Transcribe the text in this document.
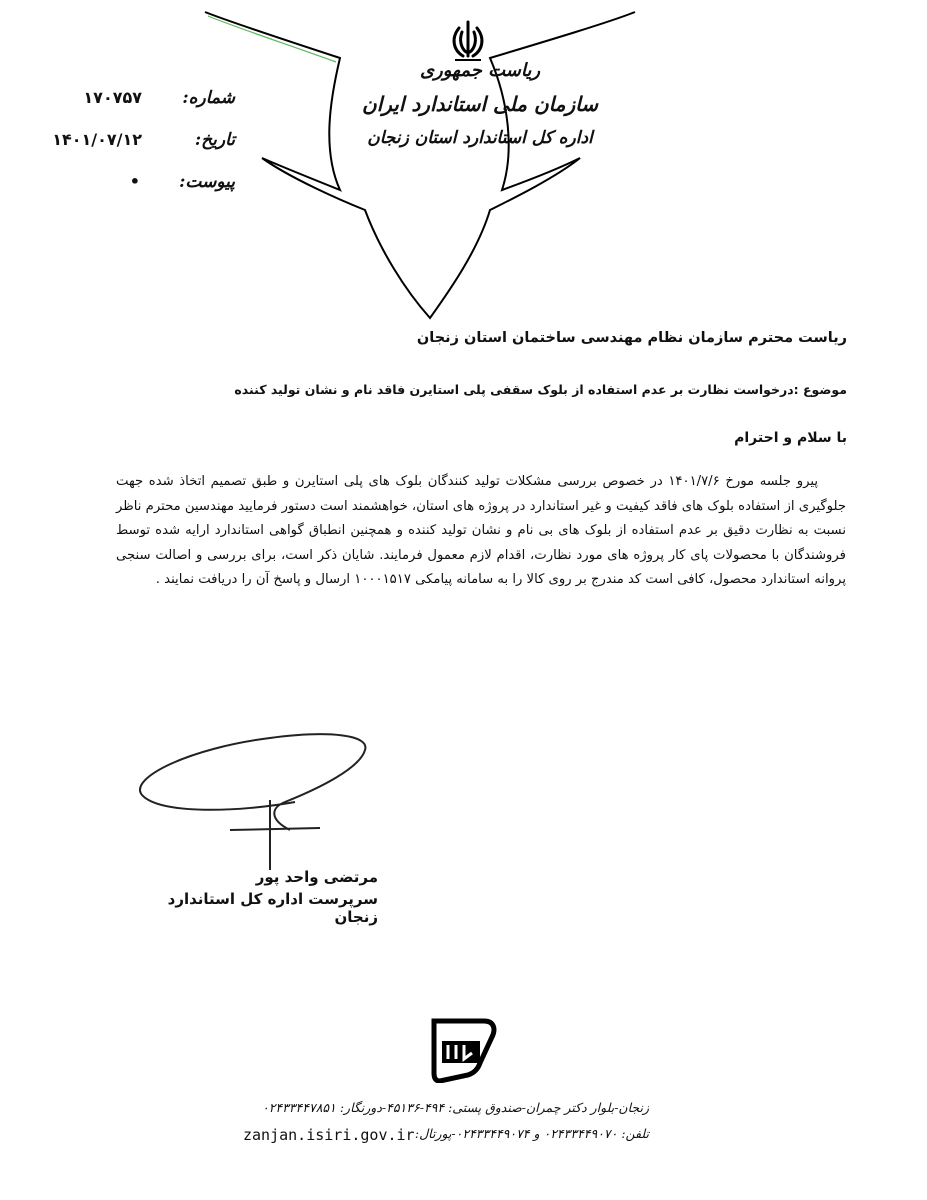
ریاست جمهوری
سازمان ملی استاندارد ایران
اداره کل استاندارد استان زنجان
شماره:
۱۷۰۷۵۷
تاریخ:
۱۴۰۱/۰۷/۱۲
پیوست:
•
ریاست محترم سازمان نظام مهندسی ساختمان استان زنجان
موضوع :درخواست نظارت بر عدم استفاده از بلوک سقفی پلی استایرن فاقد نام و نشان تولید کننده
با سلام و احترام

پیرو جلسه مورخ ۱۴۰۱/۷/۶ در خصوص بررسی مشکلات تولید کنندگان بلوک های پلی استایرن و طبق تصمیم اتخاذ شده جهت جلوگیری از استفاده بلوک های فاقد کیفیت و غیر استاندارد در پروژه های استان، خواهشمند است دستور فرمایید مهندسین محترم ناظر نسبت به نظارت دقیق بر عدم استفاده از بلوک های بی نام و نشان تولید کننده و همچنین انطباق گواهی استاندارد ارایه شده توسط فروشندگان با محصولات پای کار پروژه های مورد نظارت، اقدام لازم معمول فرمایند. شایان ذکر است، برای بررسی و اصالت سنجی پروانه استاندارد محصول، کافی است کد مندرج بر روی کالا را به سامانه پیامکی ۱۰۰۰۱۵۱۷ ارسال و پاسخ آن را دریافت نمایند .

مرتضی واحد پور
سرپرست اداره کل استاندارد زنجان
زنجان-بلوار دکتر چمران-صندوق پستی: ۴۹۴-۴۵۱۳۶-دورنگار: ۰۲۴۳۳۴۴۷۸۵۱
تلفن: ۰۲۴۳۳۴۴۹۰۷۰ و ۰۲۴۳۳۴۴۹۰۷۴-پورتال:
zanjan.isiri.gov.ir
